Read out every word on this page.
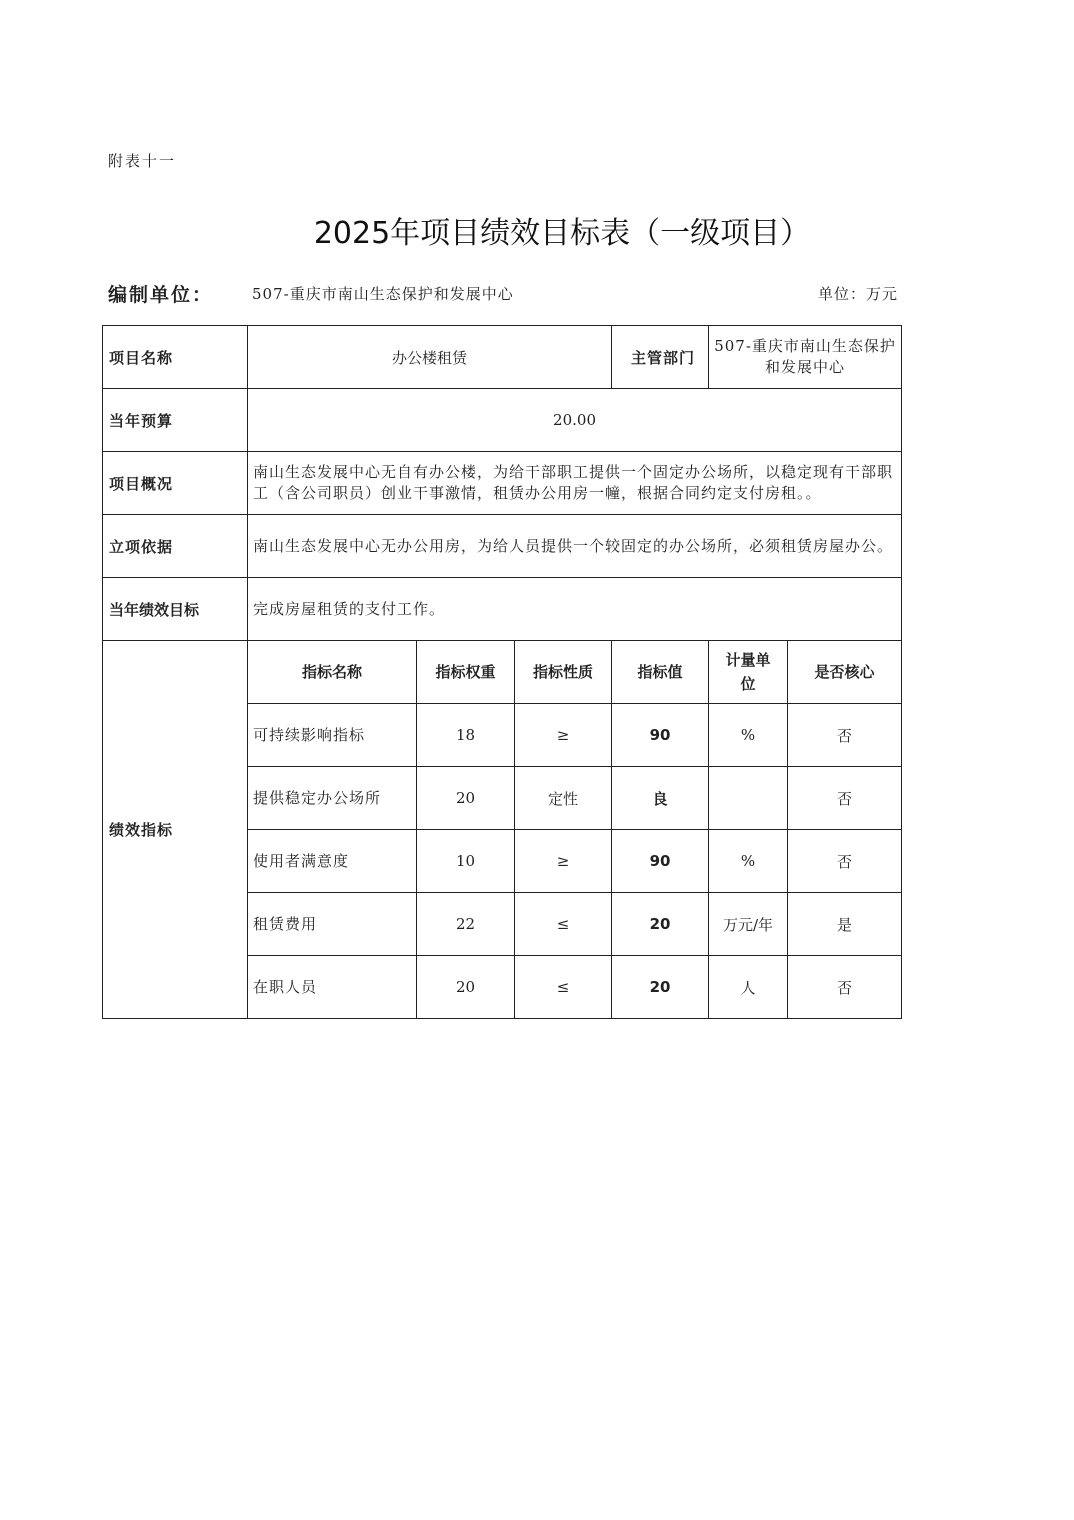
附表十一
2025年项目绩效目标表（一级项目）
编制单位：	507-重庆市南山生态保护和发展中心	单位：万元
项目名称	办公楼租赁			主管部门	507-重庆市南山生态保护和发展中心	
当年预算	20.00					
项目概况	南山生态发展中心无自有办公楼，为给干部职工提供一个固定办公场所，以稳定现有干部职工（含公司职员）创业干事激情，租赁办公用房一幢，根据合同约定支付房租。。					
立项依据	南山生态发展中心无办公用房，为给人员提供一个较固定的办公场所，必须租赁房屋办公。					
当年绩效目标	完成房屋租赁的支付工作。					
绩效指标	指标名称	指标权重	指标性质	指标值	计量单位	是否核心
	可持续影响指标	18	≥	90	%	否
	提供稳定办公场所	20	定性	良		否
	使用者满意度	10	≥	90	%	否
	租赁费用	22	≤	20	万元/年	是
	在职人员	20	≤	20	人	否
